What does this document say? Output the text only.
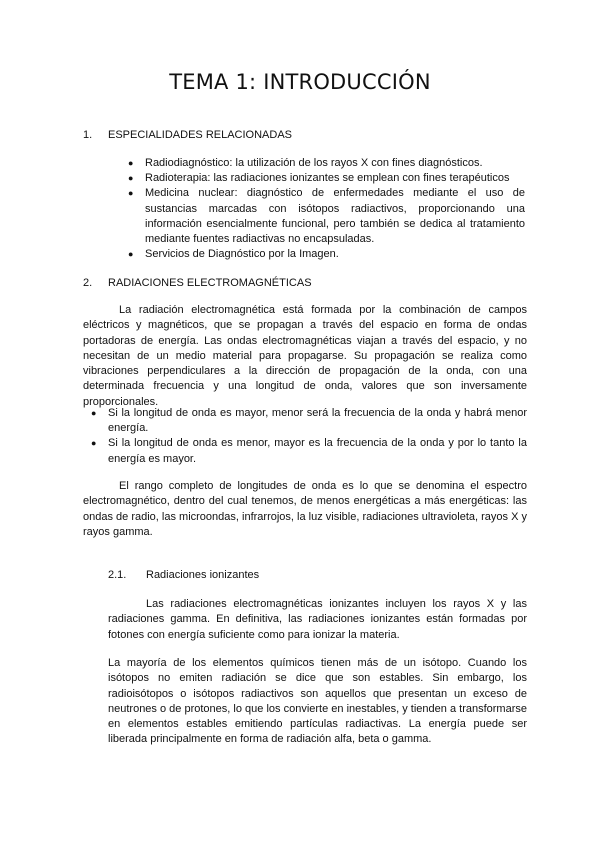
TEMA 1: INTRODUCCIÓN
1.	ESPECIALIDADES RELACIONADAS
● Radiodiagnóstico: la utilización de los rayos X con fines diagnósticos.
● Radioterapia: las radiaciones ionizantes se emplean con fines terapéuticos
● Medicina nuclear: diagnóstico de enfermedades mediante el uso de sustancias marcadas con isótopos radiactivos, proporcionando una información esencialmente funcional, pero también se dedica al tratamiento mediante fuentes radiactivas no encapsuladas.
● Servicios de Diagnóstico por la Imagen.
2.	RADIACIONES ELECTROMAGNÉTICAS

La radiación electromagnética está formada por la combinación de campos eléctricos y magnéticos, que se propagan a través del espacio en forma de ondas portadoras de energía. Las ondas electromagnéticas viajan a través del espacio, y no necesitan de un medio material para propagarse. Su propagación se realiza como vibraciones perpendiculares a la dirección de propagación de la onda, con una determinada frecuencia y una longitud de onda, valores que son inversamente proporcionales.

● Si la longitud de onda es mayor, menor será la frecuencia de la onda y habrá menor energía.
● Si la longitud de onda es menor, mayor es la frecuencia de la onda y por lo tanto la energía es mayor.

El rango completo de longitudes de onda es lo que se denomina el espectro electromagnético, dentro del cual tenemos, de menos energéticas a más energéticas: las ondas de radio, las microondas, infrarrojos, la luz visible, radiaciones ultravioleta, rayos X y rayos gamma.

2.1.	Radiaciones ionizantes

Las radiaciones electromagnéticas ionizantes incluyen los rayos X y las radiaciones gamma. En definitiva, las radiaciones ionizantes están formadas por fotones con energía suficiente como para ionizar la materia.

La mayoría de los elementos químicos tienen más de un isótopo. Cuando los isótopos no emiten radiación se dice que son estables. Sin embargo, los radioisótopos o isótopos radiactivos son aquellos que presentan un exceso de neutrones o de protones, lo que los convierte en inestables, y tienden a transformarse en elementos estables emitiendo partículas radiactivas. La energía puede ser liberada principalmente en forma de radiación alfa, beta o gamma.
